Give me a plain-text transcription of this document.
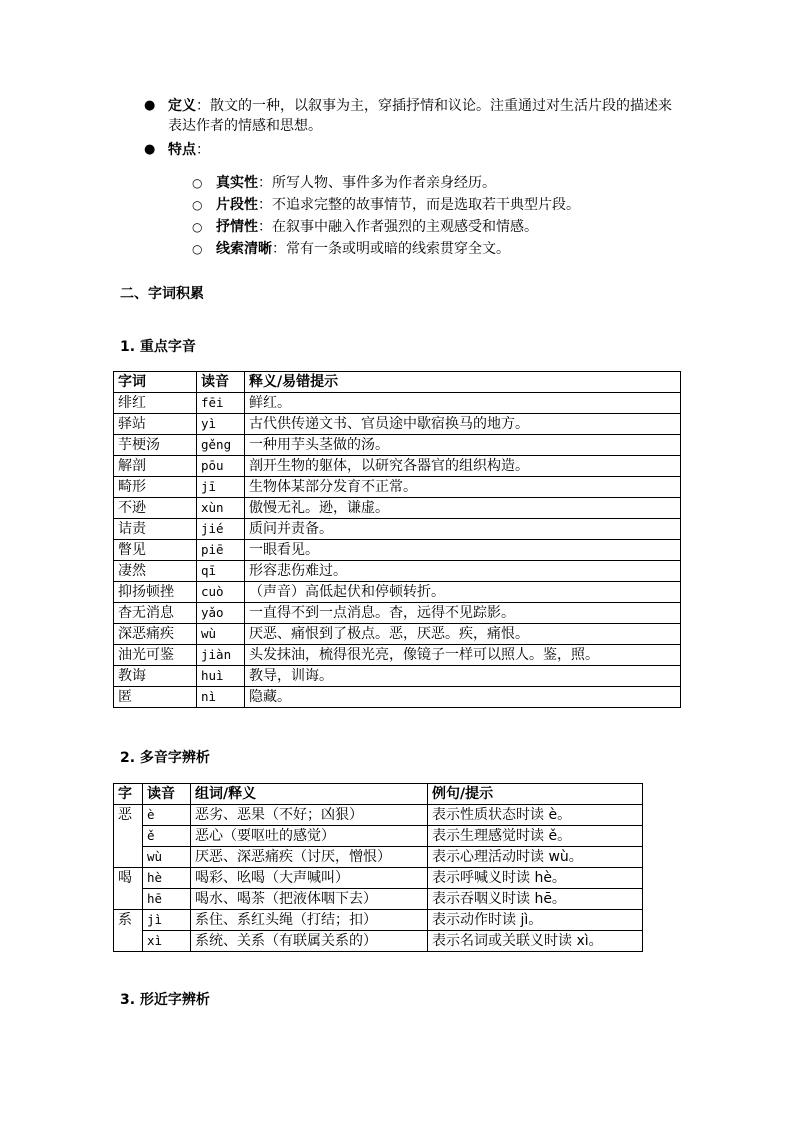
● 定义：散文的一种，以叙事为主，穿插抒情和议论。注重通过对生活片段的描述来表达作者的情感和思想。
● 特点：
○ 真实性：所写人物、事件多为作者亲身经历。
○ 片段性：不追求完整的故事情节，而是选取若干典型片段。
○ 抒情性：在叙事中融入作者强烈的主观感受和情感。
○ 线索清晰：常有一条或明或暗的线索贯穿全文。
二、字词积累
1. 重点字音
字词	读音	释义/易错提示
绯红	fēi	鲜红。
驿站	yì	古代供传递文书、官员途中歇宿换马的地方。
芋梗汤	gěng	一种用芋头茎做的汤。
解剖	pōu	剖开生物的躯体，以研究各器官的组织构造。
畸形	jī	生物体某部分发育不正常。
不逊	xùn	傲慢无礼。逊，谦虚。
诘责	jié	质问并责备。
瞥见	piē	一眼看见。
凄然	qī	形容悲伤难过。
抑扬顿挫	cuò	（声音）高低起伏和停顿转折。
杳无消息	yǎo	一直得不到一点消息。杳，远得不见踪影。
深恶痛疾	wù	厌恶、痛恨到了极点。恶，厌恶。疾，痛恨。
油光可鉴	jiàn	头发抹油，梳得很光亮，像镜子一样可以照人。鉴，照。
教诲	huì	教导，训诲。
匿	nì	隐藏。
2. 多音字辨析
字	读音	组词/释义	例句/提示
恶	è	恶劣、恶果（不好；凶狠）	表示性质状态时读 è。
	ě	恶心（要呕吐的感觉）	表示生理感觉时读 ě。
	wù	厌恶、深恶痛疾（讨厌，憎恨）	表示心理活动时读 wù。
喝	hè	喝彩、吆喝（大声喊叫）	表示呼喊义时读 hè。
	hē	喝水、喝茶（把液体咽下去）	表示吞咽义时读 hē。
系	jì	系住、系红头绳（打结；扣）	表示动作时读 jì。
	xì	系统、关系（有联属关系的）	表示名词或关联义时读 xì。
3. 形近字辨析
